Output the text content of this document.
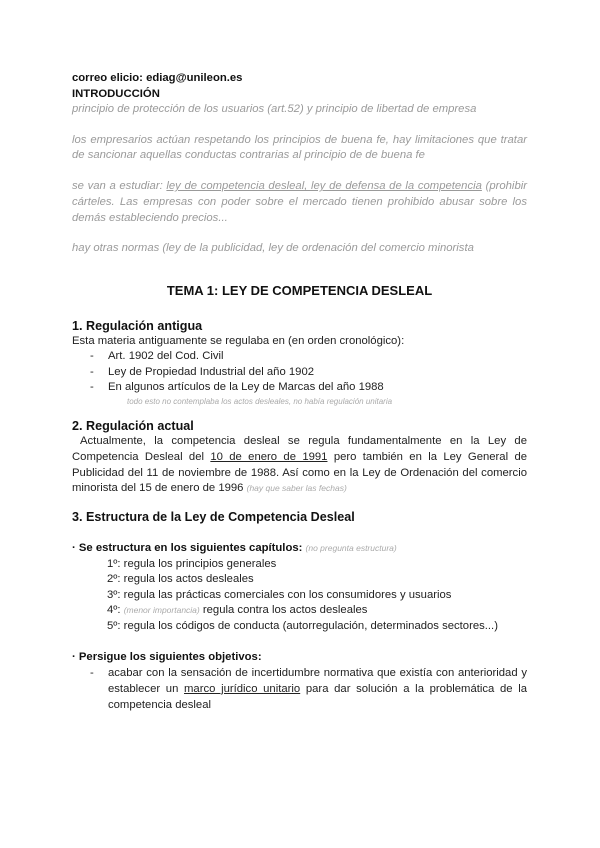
correo elicio: ediag@unileon.es
INTRODUCCIÓN
principio de protección de los usuarios (art.52) y principio de libertad de empresa
los empresarios actúan respetando los principios de buena fe, hay limitaciones que tratar de sancionar aquellas conductas contrarias al principio de de buena fe
se van a estudiar: ley de competencia desleal, ley de defensa de la competencia (prohibir cárteles. Las empresas con poder sobre el mercado tienen prohibido abusar sobre los demás estableciendo precios...
hay otras normas (ley de la publicidad, ley de ordenación del comercio minorista
TEMA 1: LEY DE COMPETENCIA DESLEAL
1. Regulación antigua
Esta materia antiguamente se regulaba en (en orden cronológico):
- Art. 1902 del Cod. Civil
- Ley de Propiedad Industrial del año 1902
- En algunos artículos de la Ley de Marcas del año 1988
todo esto no contemplaba los actos desleales, no había regulación unitaria
2. Regulación actual
Actualmente, la competencia desleal se regula fundamentalmente en la Ley de Competencia Desleal del 10 de enero de 1991 pero también en la Ley General de Publicidad del 11 de noviembre de 1988. Así como en la Ley de Ordenación del comercio minorista del 15 de enero de 1996 (hay que saber las fechas)
3. Estructura de la Ley de Competencia Desleal
· Se estructura en los siguientes capítulos: (no pregunta estructura)
1º: regula los principios generales
2º: regula los actos desleales
3º: regula las prácticas comerciales con los consumidores y usuarios
4º: (menor importancia) regula contra los actos desleales
5º: regula los códigos de conducta (autorregulación, determinados sectores...)
· Persigue los siguientes objetivos:
- acabar con la sensación de incertidumbre normativa que existía con anterioridad y establecer un marco jurídico unitario para dar solución a la problemática de la competencia desleal
